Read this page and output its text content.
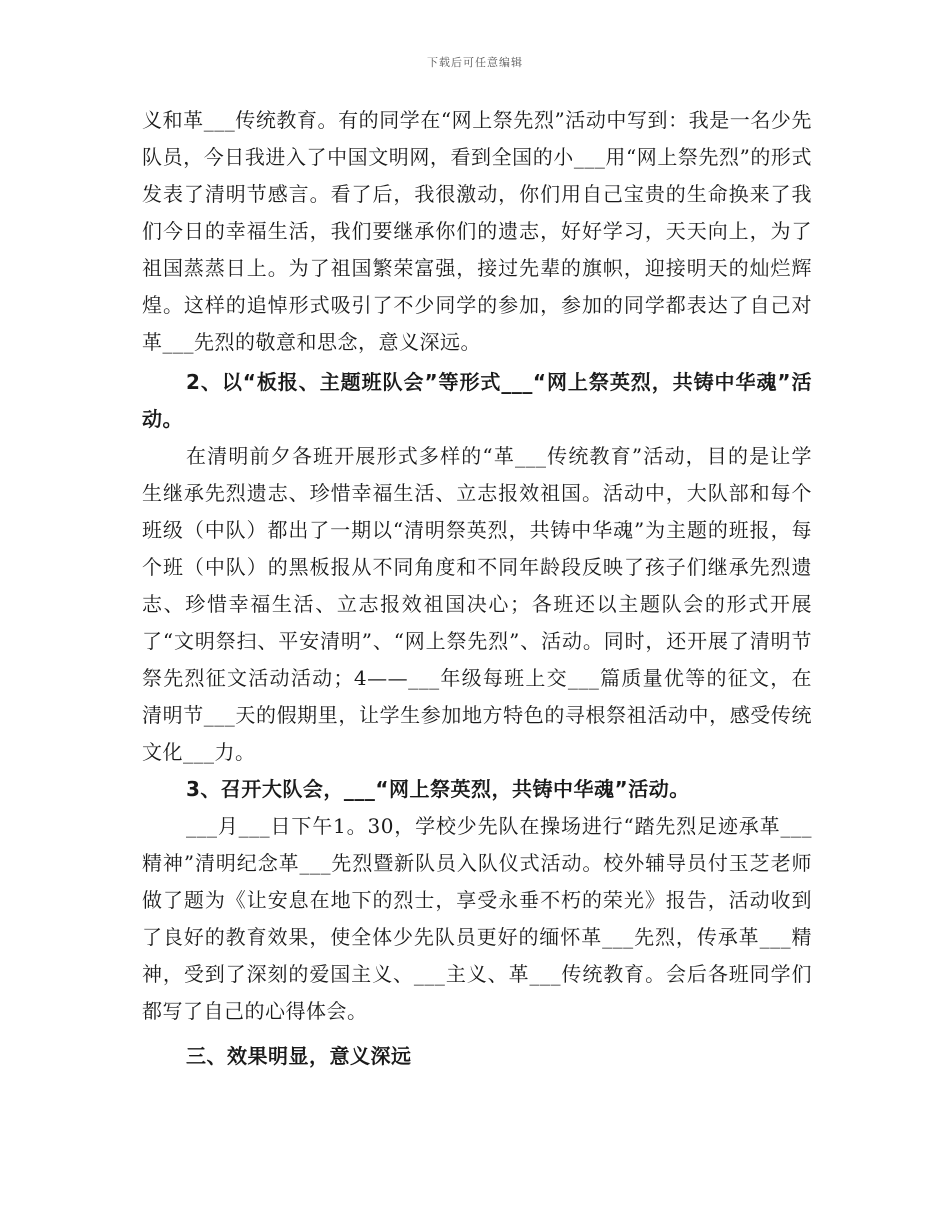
下载后可任意编辑

义和革___传统教育。有的同学在“网上祭先烈”活动中写到：我是一名少先队员，今日我进入了中国文明网，看到全国的小___用“网上祭先烈”的形式发表了清明节感言。看了后，我很激动，你们用自己宝贵的生命换来了我们今日的幸福生活，我们要继承你们的遗志，好好学习，天天向上，为了祖国蒸蒸日上。为了祖国繁荣富强，接过先辈的旗帜，迎接明天的灿烂辉煌。这样的追悼形式吸引了不少同学的参加，参加的同学都表达了自己对革___先烈的敬意和思念，意义深远。

2、以“板报、主题班队会”等形式___“网上祭英烈，共铸中华魂”活动。

在清明前夕各班开展形式多样的“革___传统教育”活动，目的是让学生继承先烈遗志、珍惜幸福生活、立志报效祖国。活动中，大队部和每个班级（中队）都出了一期以“清明祭英烈，共铸中华魂”为主题的班报，每个班（中队）的黑板报从不同角度和不同年龄段反映了孩子们继承先烈遗志、珍惜幸福生活、立志报效祖国决心；各班还以主题队会的形式开展了“文明祭扫、平安清明”、“网上祭先烈”、活动。同时，还开展了清明节祭先烈征文活动活动；4——___年级每班上交___篇质量优等的征文，在清明节___天的假期里，让学生参加地方特色的寻根祭祖活动中，感受传统文化___力。

3、召开大队会，___“网上祭英烈，共铸中华魂”活动。

___月___日下午1。30，学校少先队在操场进行“踏先烈足迹承革___精神”清明纪念革___先烈暨新队员入队仪式活动。校外辅导员付玉芝老师做了题为《让安息在地下的烈士，享受永垂不朽的荣光》报告，活动收到了良好的教育效果，使全体少先队员更好的缅怀革___先烈，传承革___精神，受到了深刻的爱国主义、___主义、革___传统教育。会后各班同学们都写了自己的心得体会。

三、效果明显，意义深远
